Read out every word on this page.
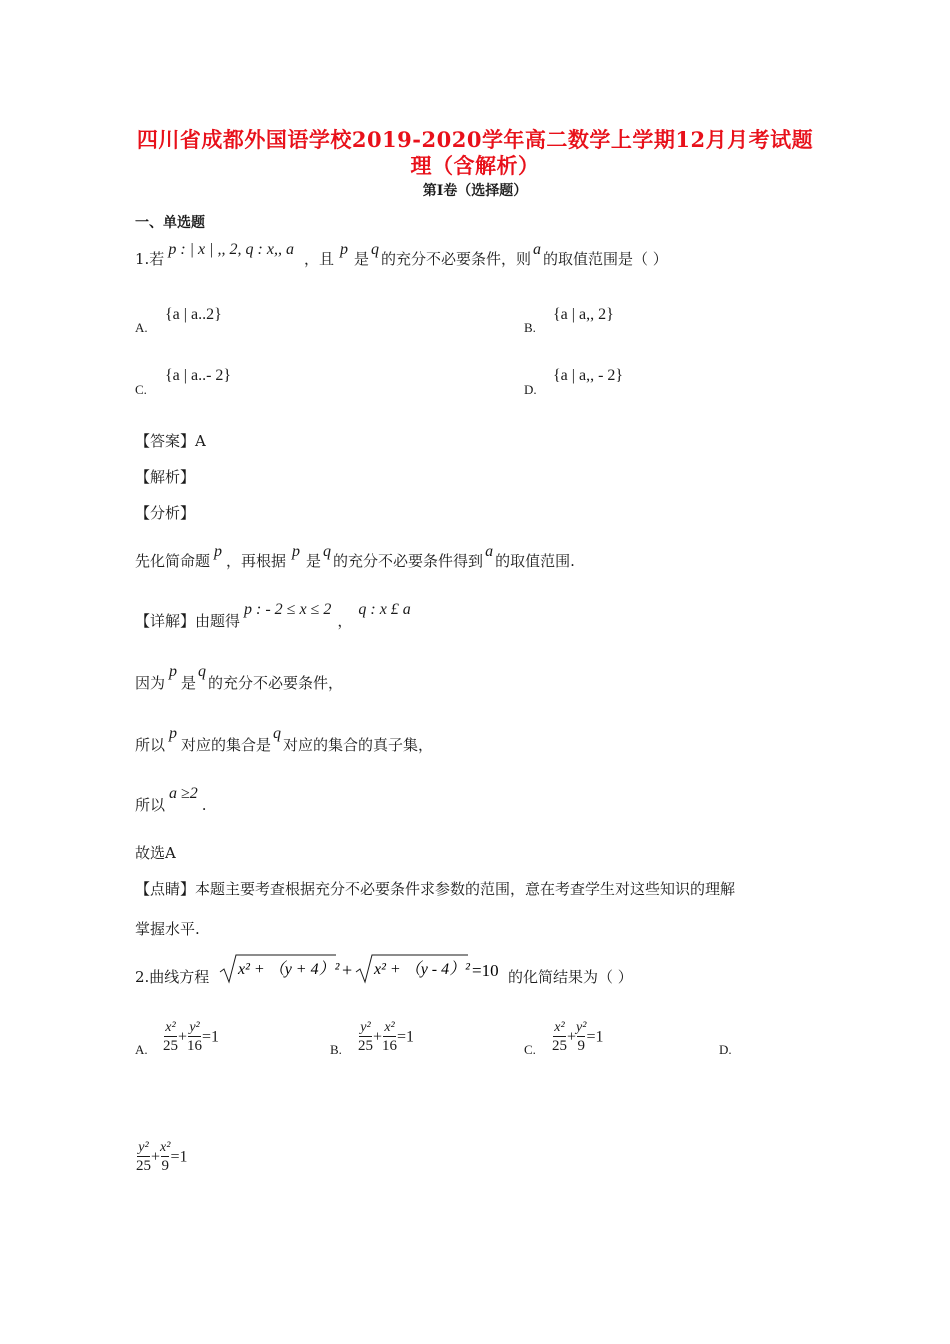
四川省成都外国语学校2019-2020学年高二数学上学期12月月考试题
理（含解析）
第I卷（选择题）
一、单选题
1.若p : | x | ,, 2, q : x,, a，且p是q的充分不必要条件，则a的取值范围是（ ）
A.
{a | a..2}
B.
{a | a,, 2}
C.
{a | a..‑ 2}
D.
{a | a,, ‑ 2}
【答案】A
【解析】
【分析】
先化简命题p，再根据p是q的充分不必要条件得到a的取值范围.
【详解】由题得p : ‑ 2 ≤ x ≤ 2，q : x £ a
因为p是q的充分不必要条件，
所以p对应的集合是q对应的集合的真子集，
所以a ≥2.
故选A
【点睛】本题主要考查根据充分不必要条件求参数的范围，意在考查学生对这些知识的理解
掌握水平.
2.曲线方程 x² + （y + 4）² + x² + （y ‑ 4）² =10 的化简结果为（ ）
A. $\frac{\text{x²}}{25} + \frac{\text{y²}}{16} =1$
B. $\frac{\text{y²}}{25} + \frac{\text{x²}}{16} =1$
C. $\frac{\text{x²}}{25} + \frac{\text{y²}}{9} =1$
D.
$\frac{\text{y²}}{25} + \frac{\text{x²}}{9} =1$
